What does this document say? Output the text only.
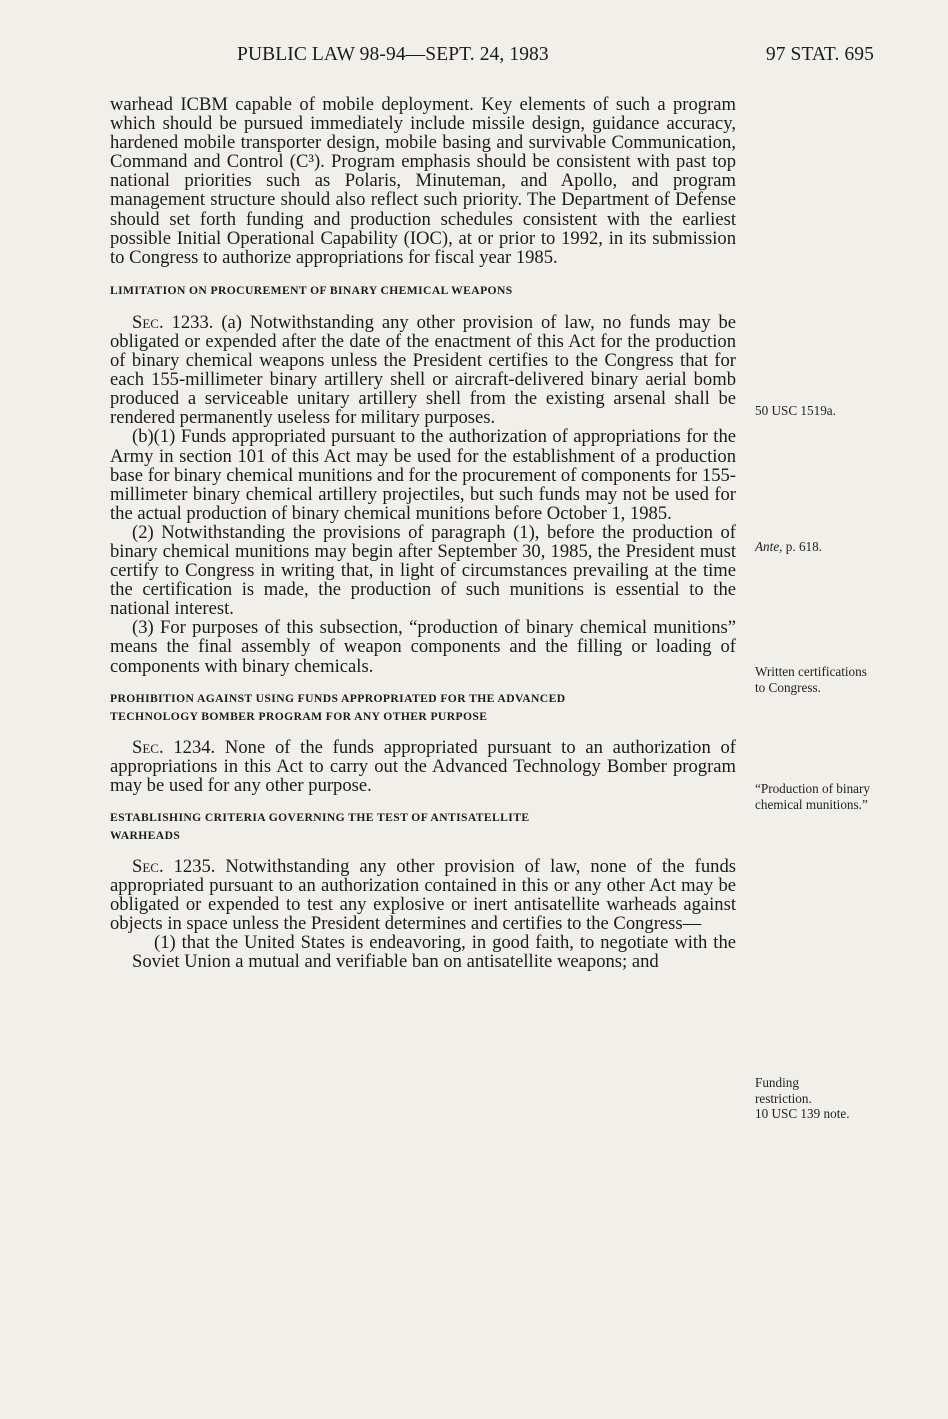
PUBLIC LAW 98-94—SEPT. 24, 1983	97 STAT. 695

warhead ICBM capable of mobile deployment. Key elements of such a program which should be pursued immediately include missile design, guidance accuracy, hardened mobile transporter design, mobile basing and survivable Communication, Command and Control (C³). Program emphasis should be consistent with past top national priorities such as Polaris, Minuteman, and Apollo, and program management structure should also reflect such priority. The Department of Defense should set forth funding and production schedules consistent with the earliest possible Initial Operational Capability (IOC), at or prior to 1992, in its submission to Congress to authorize appropriations for fiscal year 1985.

LIMITATION ON PROCUREMENT OF BINARY CHEMICAL WEAPONS

Sec. 1233. (a) Notwithstanding any other provision of law, no funds may be obligated or expended after the date of the enactment of this Act for the production of binary chemical weapons unless the President certifies to the Congress that for each 155-millimeter binary artillery shell or aircraft-delivered binary aerial bomb produced a serviceable unitary artillery shell from the existing arsenal shall be rendered permanently useless for military purposes.

(b)(1) Funds appropriated pursuant to the authorization of appropriations for the Army in section 101 of this Act may be used for the establishment of a production base for binary chemical munitions and for the procurement of components for 155-millimeter binary chemical artillery projectiles, but such funds may not be used for the actual production of binary chemical munitions before October 1, 1985.

(2) Notwithstanding the provisions of paragraph (1), before the production of binary chemical munitions may begin after September 30, 1985, the President must certify to Congress in writing that, in light of circumstances prevailing at the time the certification is made, the production of such munitions is essential to the national interest.

(3) For purposes of this subsection, “production of binary chemical munitions” means the final assembly of weapon components and the filling or loading of components with binary chemicals.

PROHIBITION AGAINST USING FUNDS APPROPRIATED FOR THE ADVANCED

TECHNOLOGY BOMBER PROGRAM FOR ANY OTHER PURPOSE

Sec. 1234. None of the funds appropriated pursuant to an authorization of appropriations in this Act to carry out the Advanced Technology Bomber program may be used for any other purpose.

ESTABLISHING CRITERIA GOVERNING THE TEST OF ANTISATELLITE

WARHEADS

Sec. 1235. Notwithstanding any other provision of law, none of the funds appropriated pursuant to an authorization contained in this or any other Act may be obligated or expended to test any explosive or inert antisatellite warheads against objects in space unless the President determines and certifies to the Congress—

(1) that the United States is endeavoring, in good faith, to negotiate with the Soviet Union a mutual and verifiable ban on antisatellite weapons; and

50 USC 1519a.
Ante, p. 618.
Written certifications to Congress.
“Production of binary chemical munitions.”
Funding
restriction.
10 USC 139 note.
